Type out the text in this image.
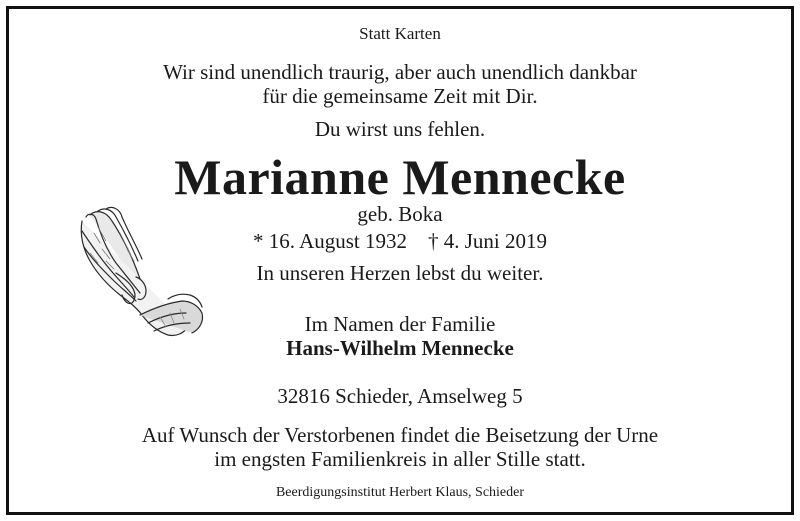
Statt Karten
Wir sind unendlich traurig, aber auch unendlich dankbar
für die gemeinsame Zeit mit Dir.
Du wirst uns fehlen.
Marianne Mennecke
geb. Boka
* 16. August 1932    † 4. Juni 2019
In unseren Herzen lebst du weiter.
Im Namen der Familie
Hans-Wilhelm Mennecke
32816 Schieder, Amselweg 5
Auf Wunsch der Verstorbenen findet die Beisetzung der Urne
im engsten Familienkreis in aller Stille statt.
Beerdigungsinstitut Herbert Klaus, Schieder
